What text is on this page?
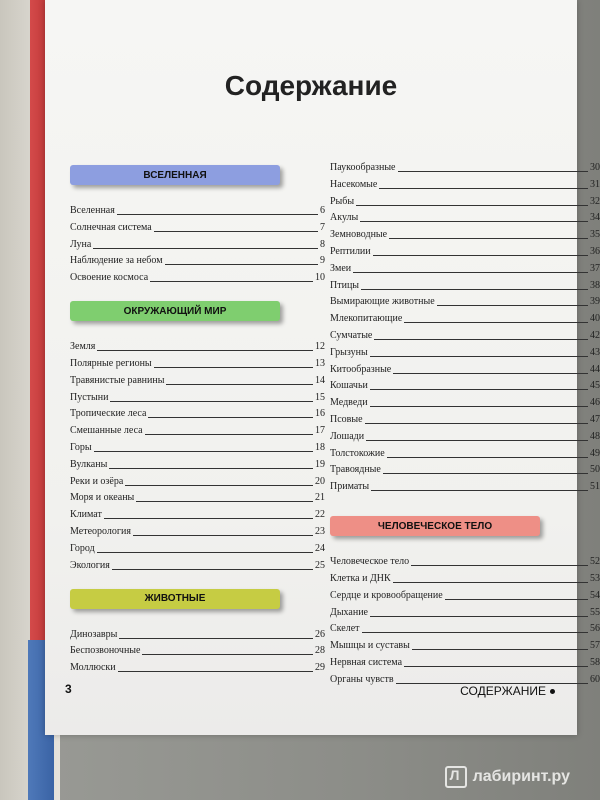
Содержание
ВСЕЛЕННАЯ
Вселенная	6
Солнечная система	7
Луна	8
Наблюдение за небом	9
Освоение космоса	10
ОКРУЖАЮЩИЙ МИР
Земля	12
Полярные регионы	13
Травянистые равнины	14
Пустыни	15
Тропические леса	16
Смешанные леса	17
Горы	18
Вулканы	19
Реки и озёра	20
Моря и океаны	21
Климат	22
Метеорология	23
Город	24
Экология	25
ЖИВОТНЫЕ
Динозавры	26
Беспозвоночные	28
Моллюски	29
Паукообразные	30
Насекомые	31
Рыбы	32
Акулы	34
Земноводные	35
Рептилии	36
Змеи	37
Птицы	38
Вымирающие животные	39
Млекопитающие	40
Сумчатые	42
Грызуны	43
Китообразные	44
Кошачьи	45
Медведи	46
Псовые	47
Лошади	48
Толстокожие	49
Травоядные	50
Приматы	51
ЧЕЛОВЕЧЕСКОЕ ТЕЛО
Человеческое тело	52
Клетка и ДНК	53
Сердце и кровообращение	54
Дыхание	55
Скелет	56
Мышцы и суставы	57
Нервная система	58
Органы чувств	60
3	СОДЕРЖАНИЕ
Л
лабиринт.ру
